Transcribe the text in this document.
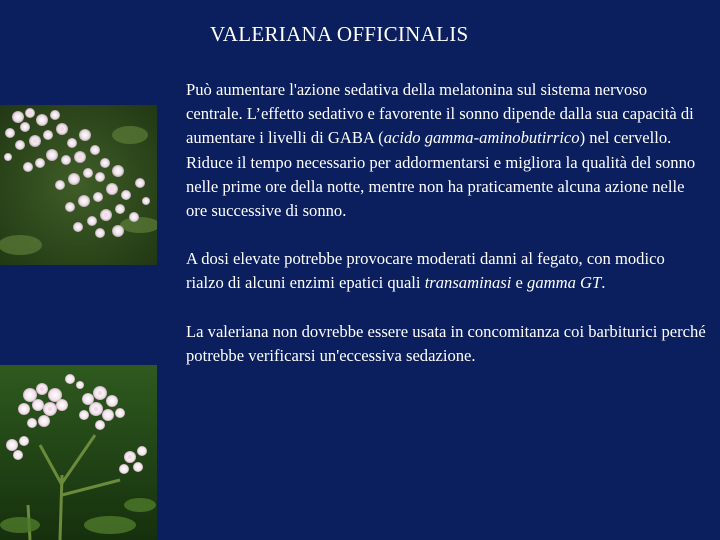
VALERIANA OFFICINALIS

Può aumentare l'azione sedativa della melatonina sul sistema nervoso centrale. L’effetto sedativo e favorente il sonno dipende dalla sua capacità di aumentare i livelli di GABA (acido gamma-aminobutirrico) nel cervello. Riduce il tempo necessario per addormentarsi e migliora la qualità del sonno nelle prime ore della notte, mentre non ha praticamente alcuna azione nelle ore successive di sonno.

A dosi elevate potrebbe provocare moderati danni al fegato, con modico rialzo di alcuni enzimi epatici quali transaminasi e gamma GT.

La valeriana non dovrebbe essere usata in concomitanza coi barbiturici perché potrebbe verificarsi un'eccessiva sedazione.
